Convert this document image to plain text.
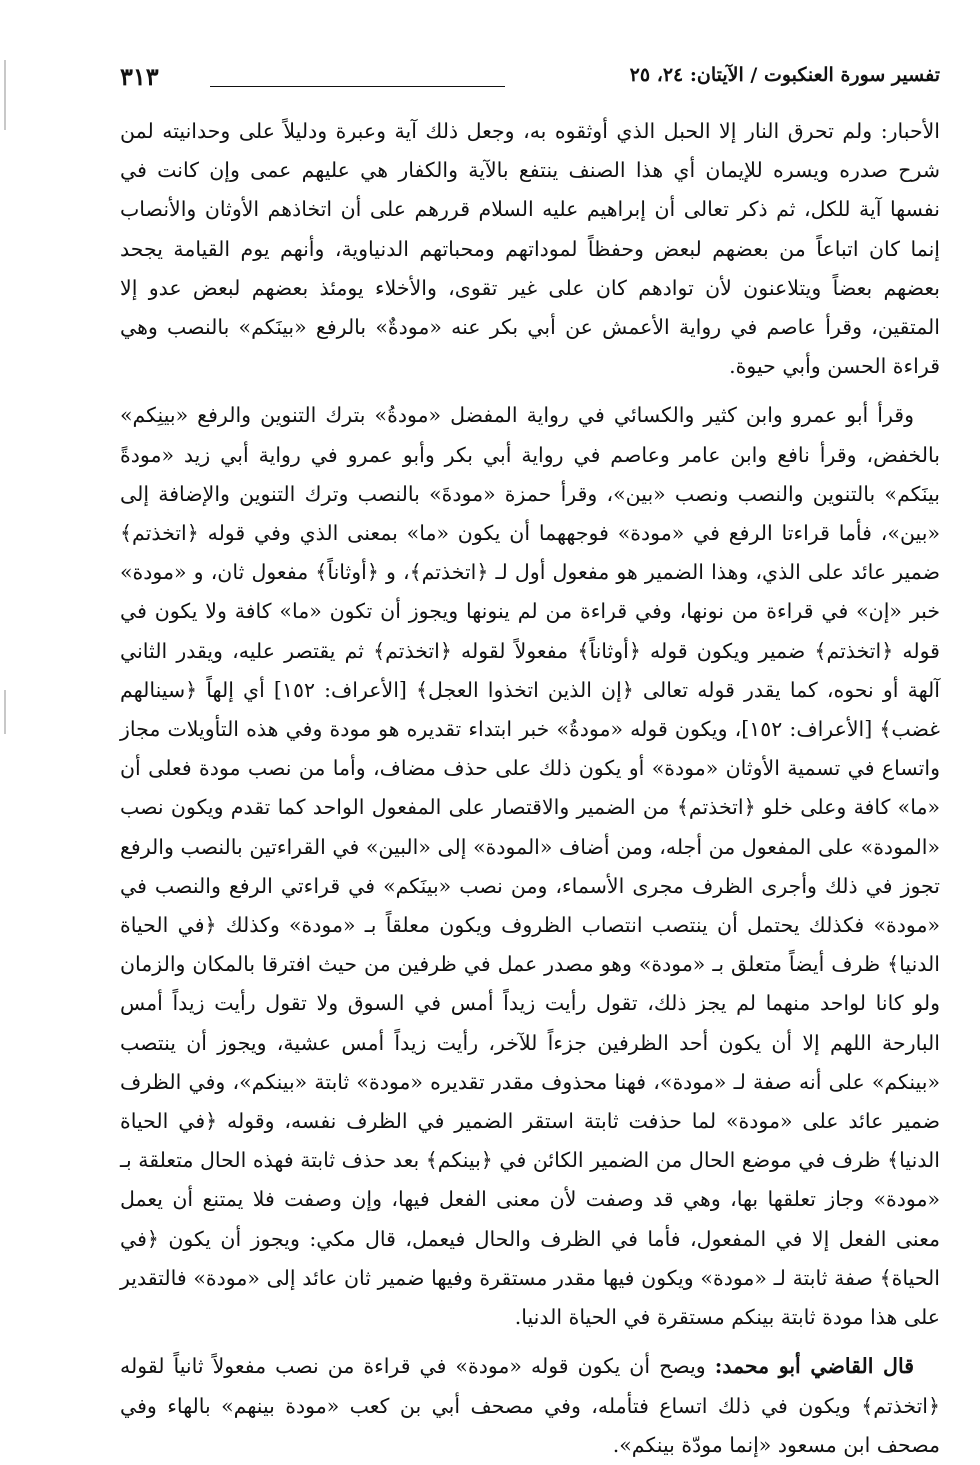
تفسير سورة العنكبوت / الآيتان: ٢٤، ٢٥
٣١٣

الأحبار: ولم تحرق النار إلا الحبل الذي أوثقوه به، وجعل ذلك آية وعبرة ودليلاً على وحدانيته لمن شرح صدره ويسره للإيمان أي هذا الصنف ينتفع بالآية والكفار هي عليهم عمى وإن كانت في نفسها آية للكل، ثم ذكر تعالى أن إبراهيم عليه السلام قررهم على أن اتخاذهم الأوثان والأنصاب إنما كان اتباعاً من بعضهم لبعض وحفظاً لموداتهم ومحباتهم الدنياوية، وأنهم يوم القيامة يجحد بعضهم بعضاً ويتلاعنون لأن توادهم كان على غير تقوى، والأخلاء يومئذ بعضهم لبعض عدو إلا المتقين، وقرأ عاصم في رواية الأعمش عن أبي بكر عنه «مودةٌ» بالرفع «بينَكم» بالنصب وهي قراءة الحسن وأبي حيوة.

وقرأ أبو عمرو وابن كثير والكسائي في رواية المفضل «مودةُ» بترك التنوين والرفع «بينِكم» بالخفض، وقرأ نافع وابن عامر وعاصم في رواية أبي بكر وأبو عمرو في رواية أبي زيد «مودةً بينَكم» بالتنوين والنصب ونصب «بين»، وقرأ حمزة «مودةَ» بالنصب وترك التنوين والإضافة إلى «بين»، فأما قراءتا الرفع في «مودة» فوجههما أن يكون «ما» بمعنى الذي وفي قوله ﴿اتخذتم﴾ ضمير عائد على الذي، وهذا الضمير هو مفعول أول لـ ﴿اتخذتم﴾، و ﴿أوثاناً﴾ مفعول ثان، و «مودة» خبر «إن» في قراءة من نونها، وفي قراءة من لم ينونها ويجوز أن تكون «ما» كافة ولا يكون في قوله ﴿اتخذتم﴾ ضمير ويكون قوله ﴿أوثاناً﴾ مفعولاً لقوله ﴿اتخذتم﴾ ثم يقتصر عليه، ويقدر الثاني آلهة أو نحوه، كما يقدر قوله تعالى ﴿إن الذين اتخذوا العجل﴾ [الأعراف: ١٥٢] أي إلهاً ﴿سينالهم غضب﴾ [الأعراف: ١٥٢]، ويكون قوله «مودةُ» خبر ابتداء تقديره هو مودة وفي هذه التأويلات مجاز واتساع في تسمية الأوثان «مودة» أو يكون ذلك على حذف مضاف، وأما من نصب مودة فعلى أن «ما» كافة وعلى خلو ﴿اتخذتم﴾ من الضمير والاقتصار على المفعول الواحد كما تقدم ويكون نصب «المودة» على المفعول من أجله، ومن أضاف «المودة» إلى «البين» في القراءتين بالنصب والرفع تجوز في ذلك وأجرى الظرف مجرى الأسماء، ومن نصب «بينَكم» في قراءتي الرفع والنصب في «مودة» فكذلك يحتمل أن ينتصب انتصاب الظروف ويكون معلقاً بـ «مودة» وكذلك ﴿في الحياة الدنيا﴾ ظرف أيضاً متعلق بـ «مودة» وهو مصدر عمل في ظرفين من حيث افترقا بالمكان والزمان ولو كانا لواحد منهما لم يجز ذلك، تقول رأيت زيداً أمس في السوق ولا تقول رأيت زيداً أمس البارحة اللهم إلا أن يكون أحد الظرفين جزءاً للآخر، رأيت زيداً أمس عشية، ويجوز أن ينتصب «بينكم» على أنه صفة لـ «مودة»، فهنا محذوف مقدر تقديره «مودة» ثابتة «بينكم»، وفي الظرف ضمير عائد على «مودة» لما حذفت ثابتة استقر الضمير في الظرف نفسه، وقوله ﴿في الحياة الدنيا﴾ ظرف في موضع الحال من الضمير الكائن في ﴿بينكم﴾ بعد حذف ثابتة فهذه الحال متعلقة بـ «مودة» وجاز تعلقها بها، وهي قد وصفت لأن معنى الفعل فيها، وإن وصفت فلا يمتنع أن يعمل معنى الفعل إلا في المفعول، فأما في الظرف والحال فيعمل، قال مكي: ويجوز أن يكون ﴿في الحياة﴾ صفة ثابتة لـ «مودة» ويكون فيها مقدر مستقرة وفيها ضمير ثان عائد إلى «مودة» فالتقدير على هذا مودة ثابتة بينكم مستقرة في الحياة الدنيا.

قال القاضي أبو محمد: ويصح أن يكون قوله «مودة» في قراءة من نصب مفعولاً ثانياً لقوله ﴿اتخذتم﴾ ويكون في ذلك اتساع فتأمله، وفي مصحف أبي بن كعب «مودة بينهم» بالهاء وفي مصحف ابن مسعود «إنما مودّة بينكم».
